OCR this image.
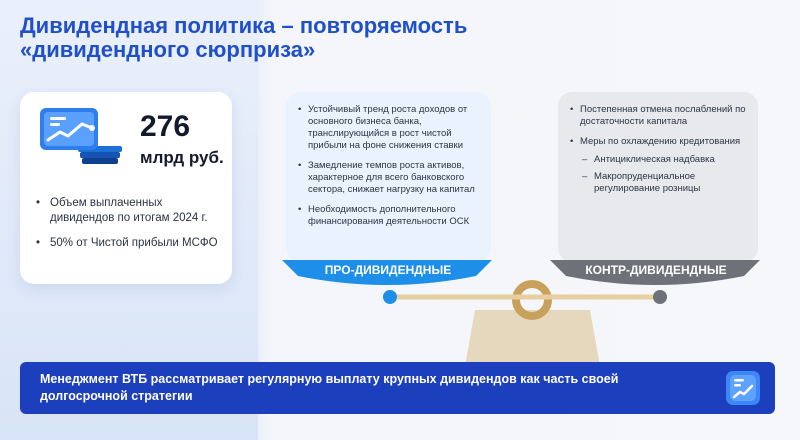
Дивидендная политика – повторяемость
«дивидендного сюрприза»
276
млрд руб.
• Объем выплаченных дивидендов по итогам 2024 г.
• 50% от Чистой прибыли МСФО
• Устойчивый тренд роста доходов от основного бизнеса банка, транслирующийся в рост чистой прибыли на фоне снижения ставки
• Замедление темпов роста активов, характерное для всего банковского сектора, снижает нагрузку на капитал
• Необходимость дополнительного финансирования деятельности ОСК
• Постепенная отмена послаблений по достаточности капитала
• Меры по охлаждению кредитования
– Антициклическая надбавка
– Макропруденциальное регулирование розницы
ПРО-ДИВИДЕНДНЫЕ	КОНТР-ДИВИДЕНДНЫЕ
Менеджмент ВТБ рассматривает регулярную выплату крупных дивидендов как часть своей долгосрочной стратегии
